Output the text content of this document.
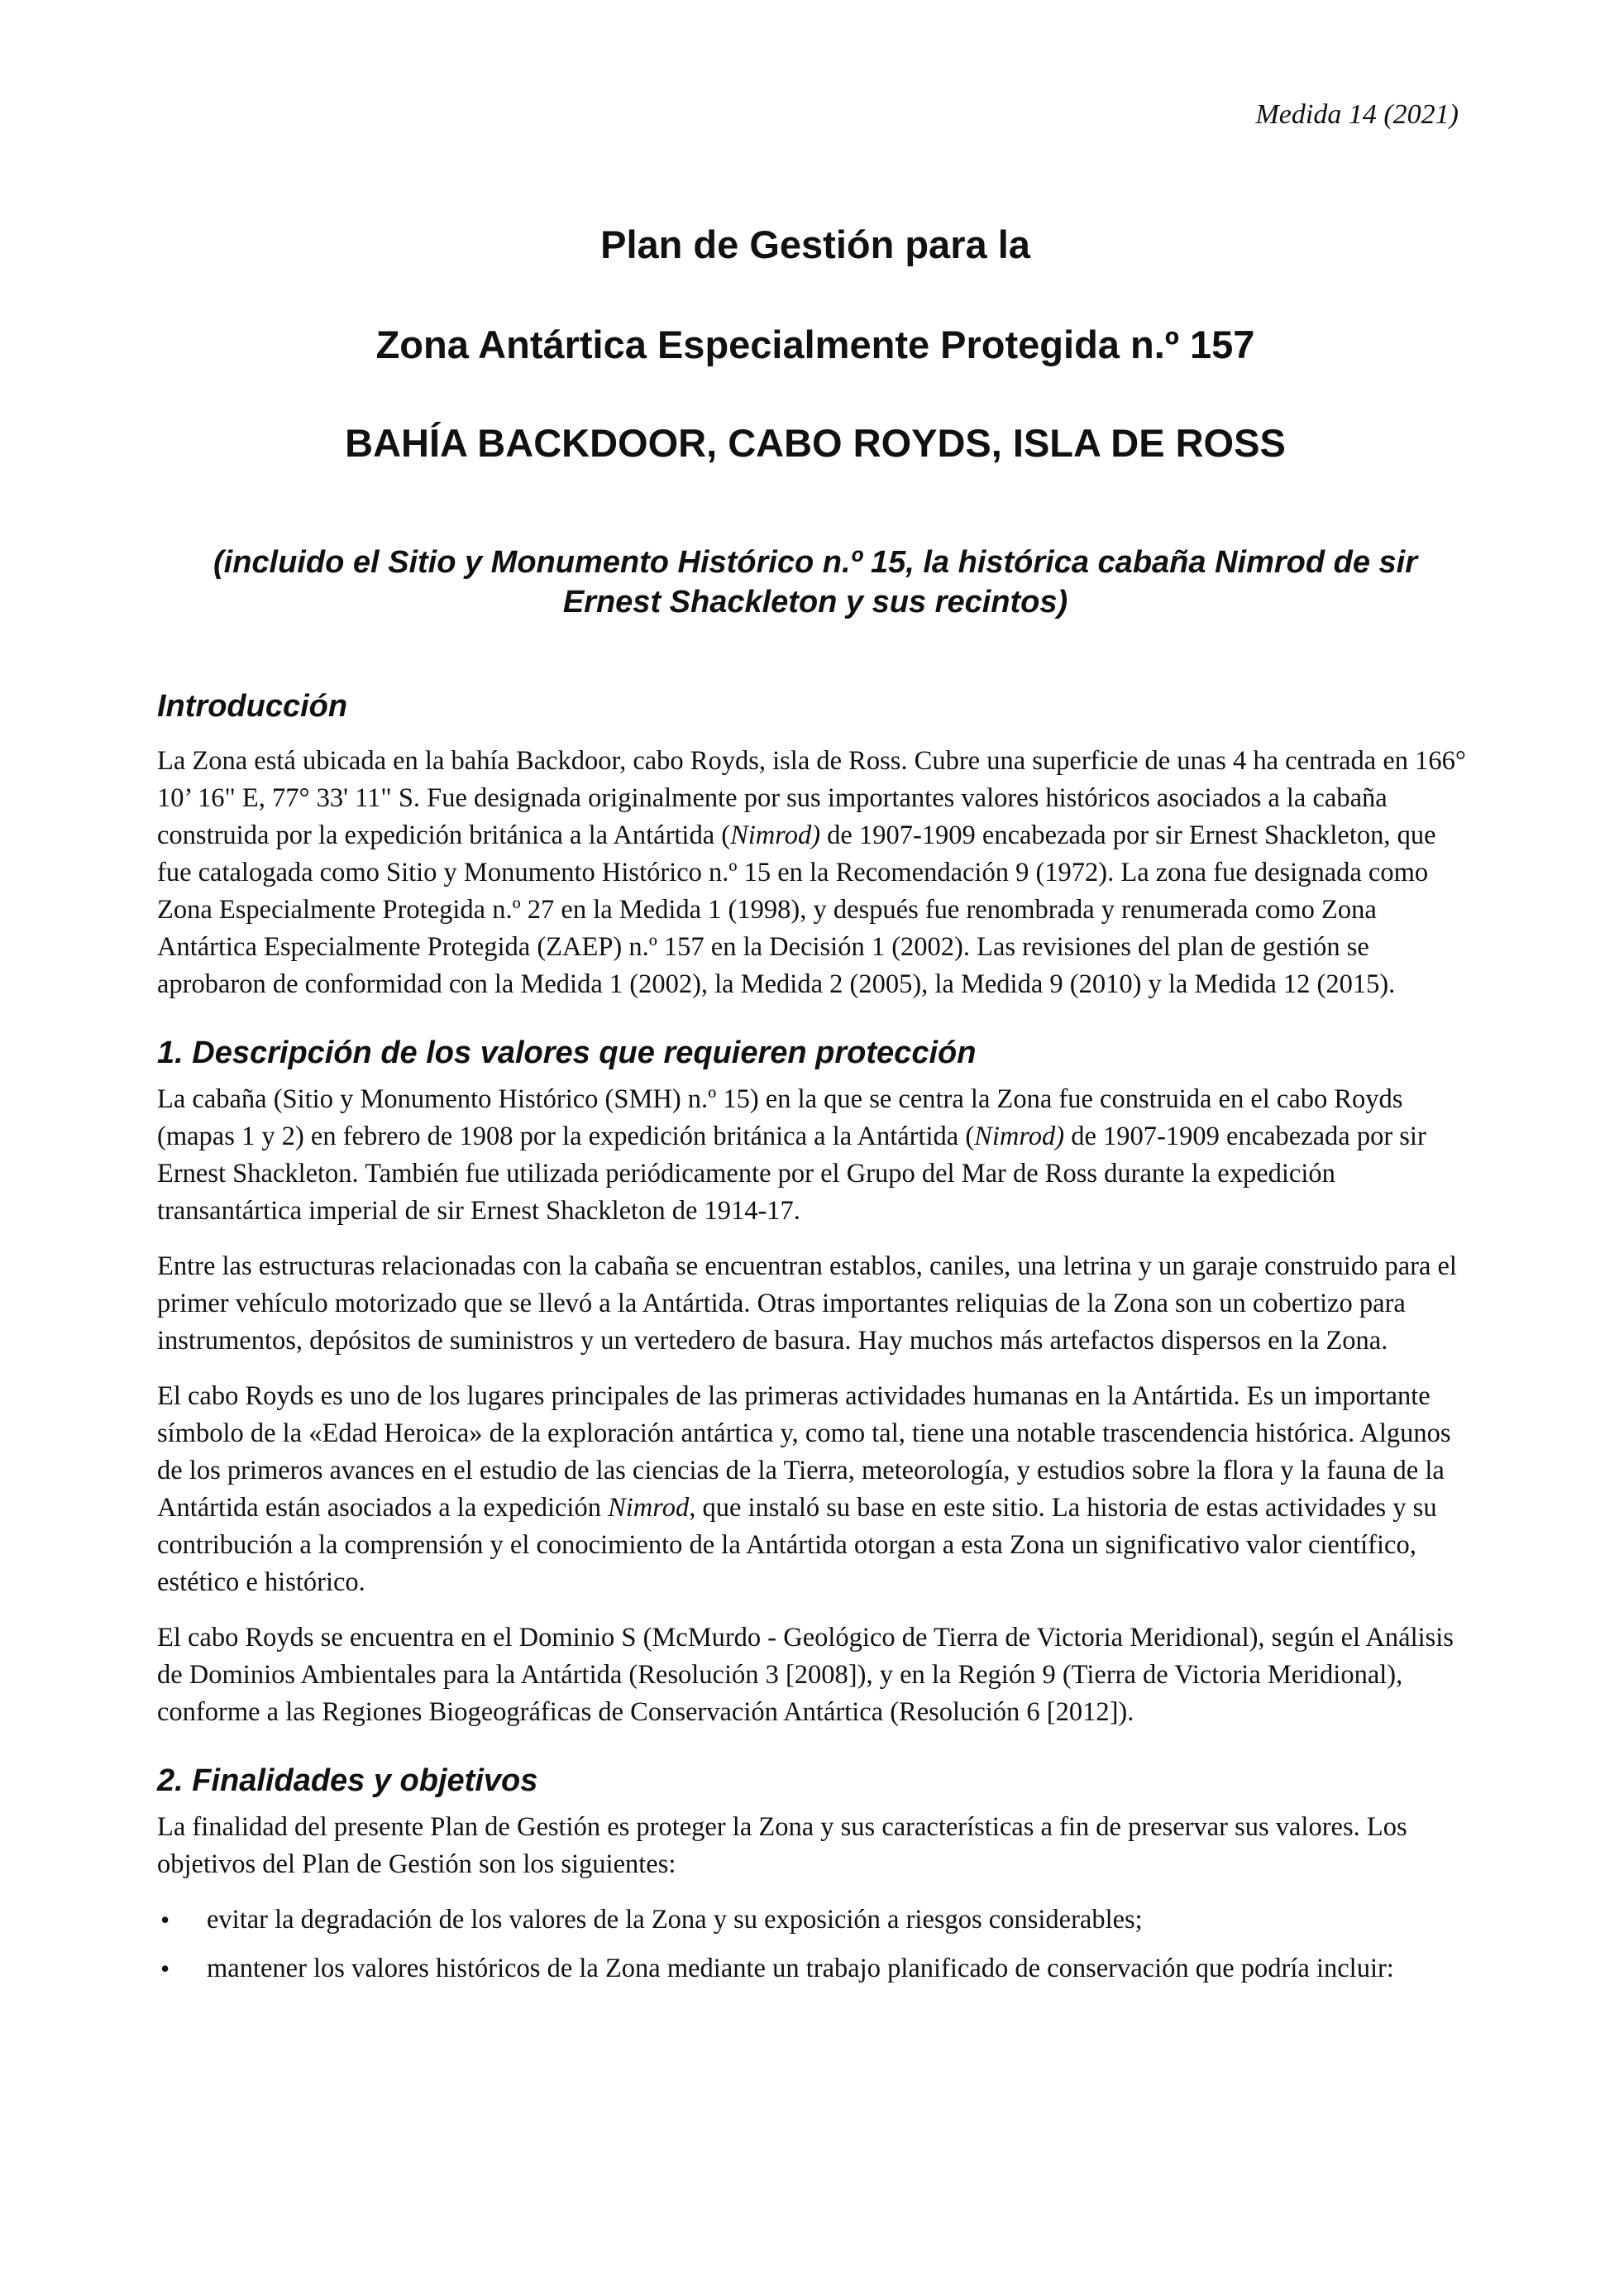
Medida 14 (2021)
Plan de Gestión para la
Zona Antártica Especialmente Protegida n.º 157
BAHÍA BACKDOOR, CABO ROYDS, ISLA DE ROSS
(incluido el Sitio y Monumento Histórico n.º 15, la histórica cabaña Nimrod de sir Ernest Shackleton y sus recintos)
Introducción

La Zona está ubicada en la bahía Backdoor, cabo Royds, isla de Ross. Cubre una superficie de unas 4 ha centrada en 166° 10’ 16" E, 77° 33' 11" S. Fue designada originalmente por sus importantes valores históricos asociados a la cabaña construida por la expedición británica a la Antártida (Nimrod) de 1907-1909 encabezada por sir Ernest Shackleton, que fue catalogada como Sitio y Monumento Histórico n.º 15 en la Recomendación 9 (1972). La zona fue designada como Zona Especialmente Protegida n.º 27 en la Medida 1 (1998), y después fue renombrada y renumerada como Zona Antártica Especialmente Protegida (ZAEP) n.º 157 en la Decisión 1 (2002). Las revisiones del plan de gestión se aprobaron de conformidad con la Medida 1 (2002), la Medida 2 (2005), la Medida 9 (2010) y la Medida 12 (2015).

1. Descripción de los valores que requieren protección

La cabaña (Sitio y Monumento Histórico (SMH) n.º 15) en la que se centra la Zona fue construida en el cabo Royds (mapas 1 y 2) en febrero de 1908 por la expedición británica a la Antártida (Nimrod) de 1907-1909 encabezada por sir Ernest Shackleton. También fue utilizada periódicamente por el Grupo del Mar de Ross durante la expedición transantártica imperial de sir Ernest Shackleton de 1914-17.

Entre las estructuras relacionadas con la cabaña se encuentran establos, caniles, una letrina y un garaje construido para el primer vehículo motorizado que se llevó a la Antártida. Otras importantes reliquias de la Zona son un cobertizo para instrumentos, depósitos de suministros y un vertedero de basura. Hay muchos más artefactos dispersos en la Zona.

El cabo Royds es uno de los lugares principales de las primeras actividades humanas en la Antártida. Es un importante símbolo de la «Edad Heroica» de la exploración antártica y, como tal, tiene una notable trascendencia histórica. Algunos de los primeros avances en el estudio de las ciencias de la Tierra, meteorología, y estudios sobre la flora y la fauna de la Antártida están asociados a la expedición Nimrod, que instaló su base en este sitio. La historia de estas actividades y su contribución a la comprensión y el conocimiento de la Antártida otorgan a esta Zona un significativo valor científico, estético e histórico.

El cabo Royds se encuentra en el Dominio S (McMurdo - Geológico de Tierra de Victoria Meridional), según el Análisis de Dominios Ambientales para la Antártida (Resolución 3 [2008]), y en la Región 9 (Tierra de Victoria Meridional), conforme a las Regiones Biogeográficas de Conservación Antártica (Resolución 6 [2012]).

2. Finalidades y objetivos

La finalidad del presente Plan de Gestión es proteger la Zona y sus características a fin de preservar sus valores. Los objetivos del Plan de Gestión son los siguientes:

• evitar la degradación de los valores de la Zona y su exposición a riesgos considerables;
• mantener los valores históricos de la Zona mediante un trabajo planificado de conservación que podría incluir:
